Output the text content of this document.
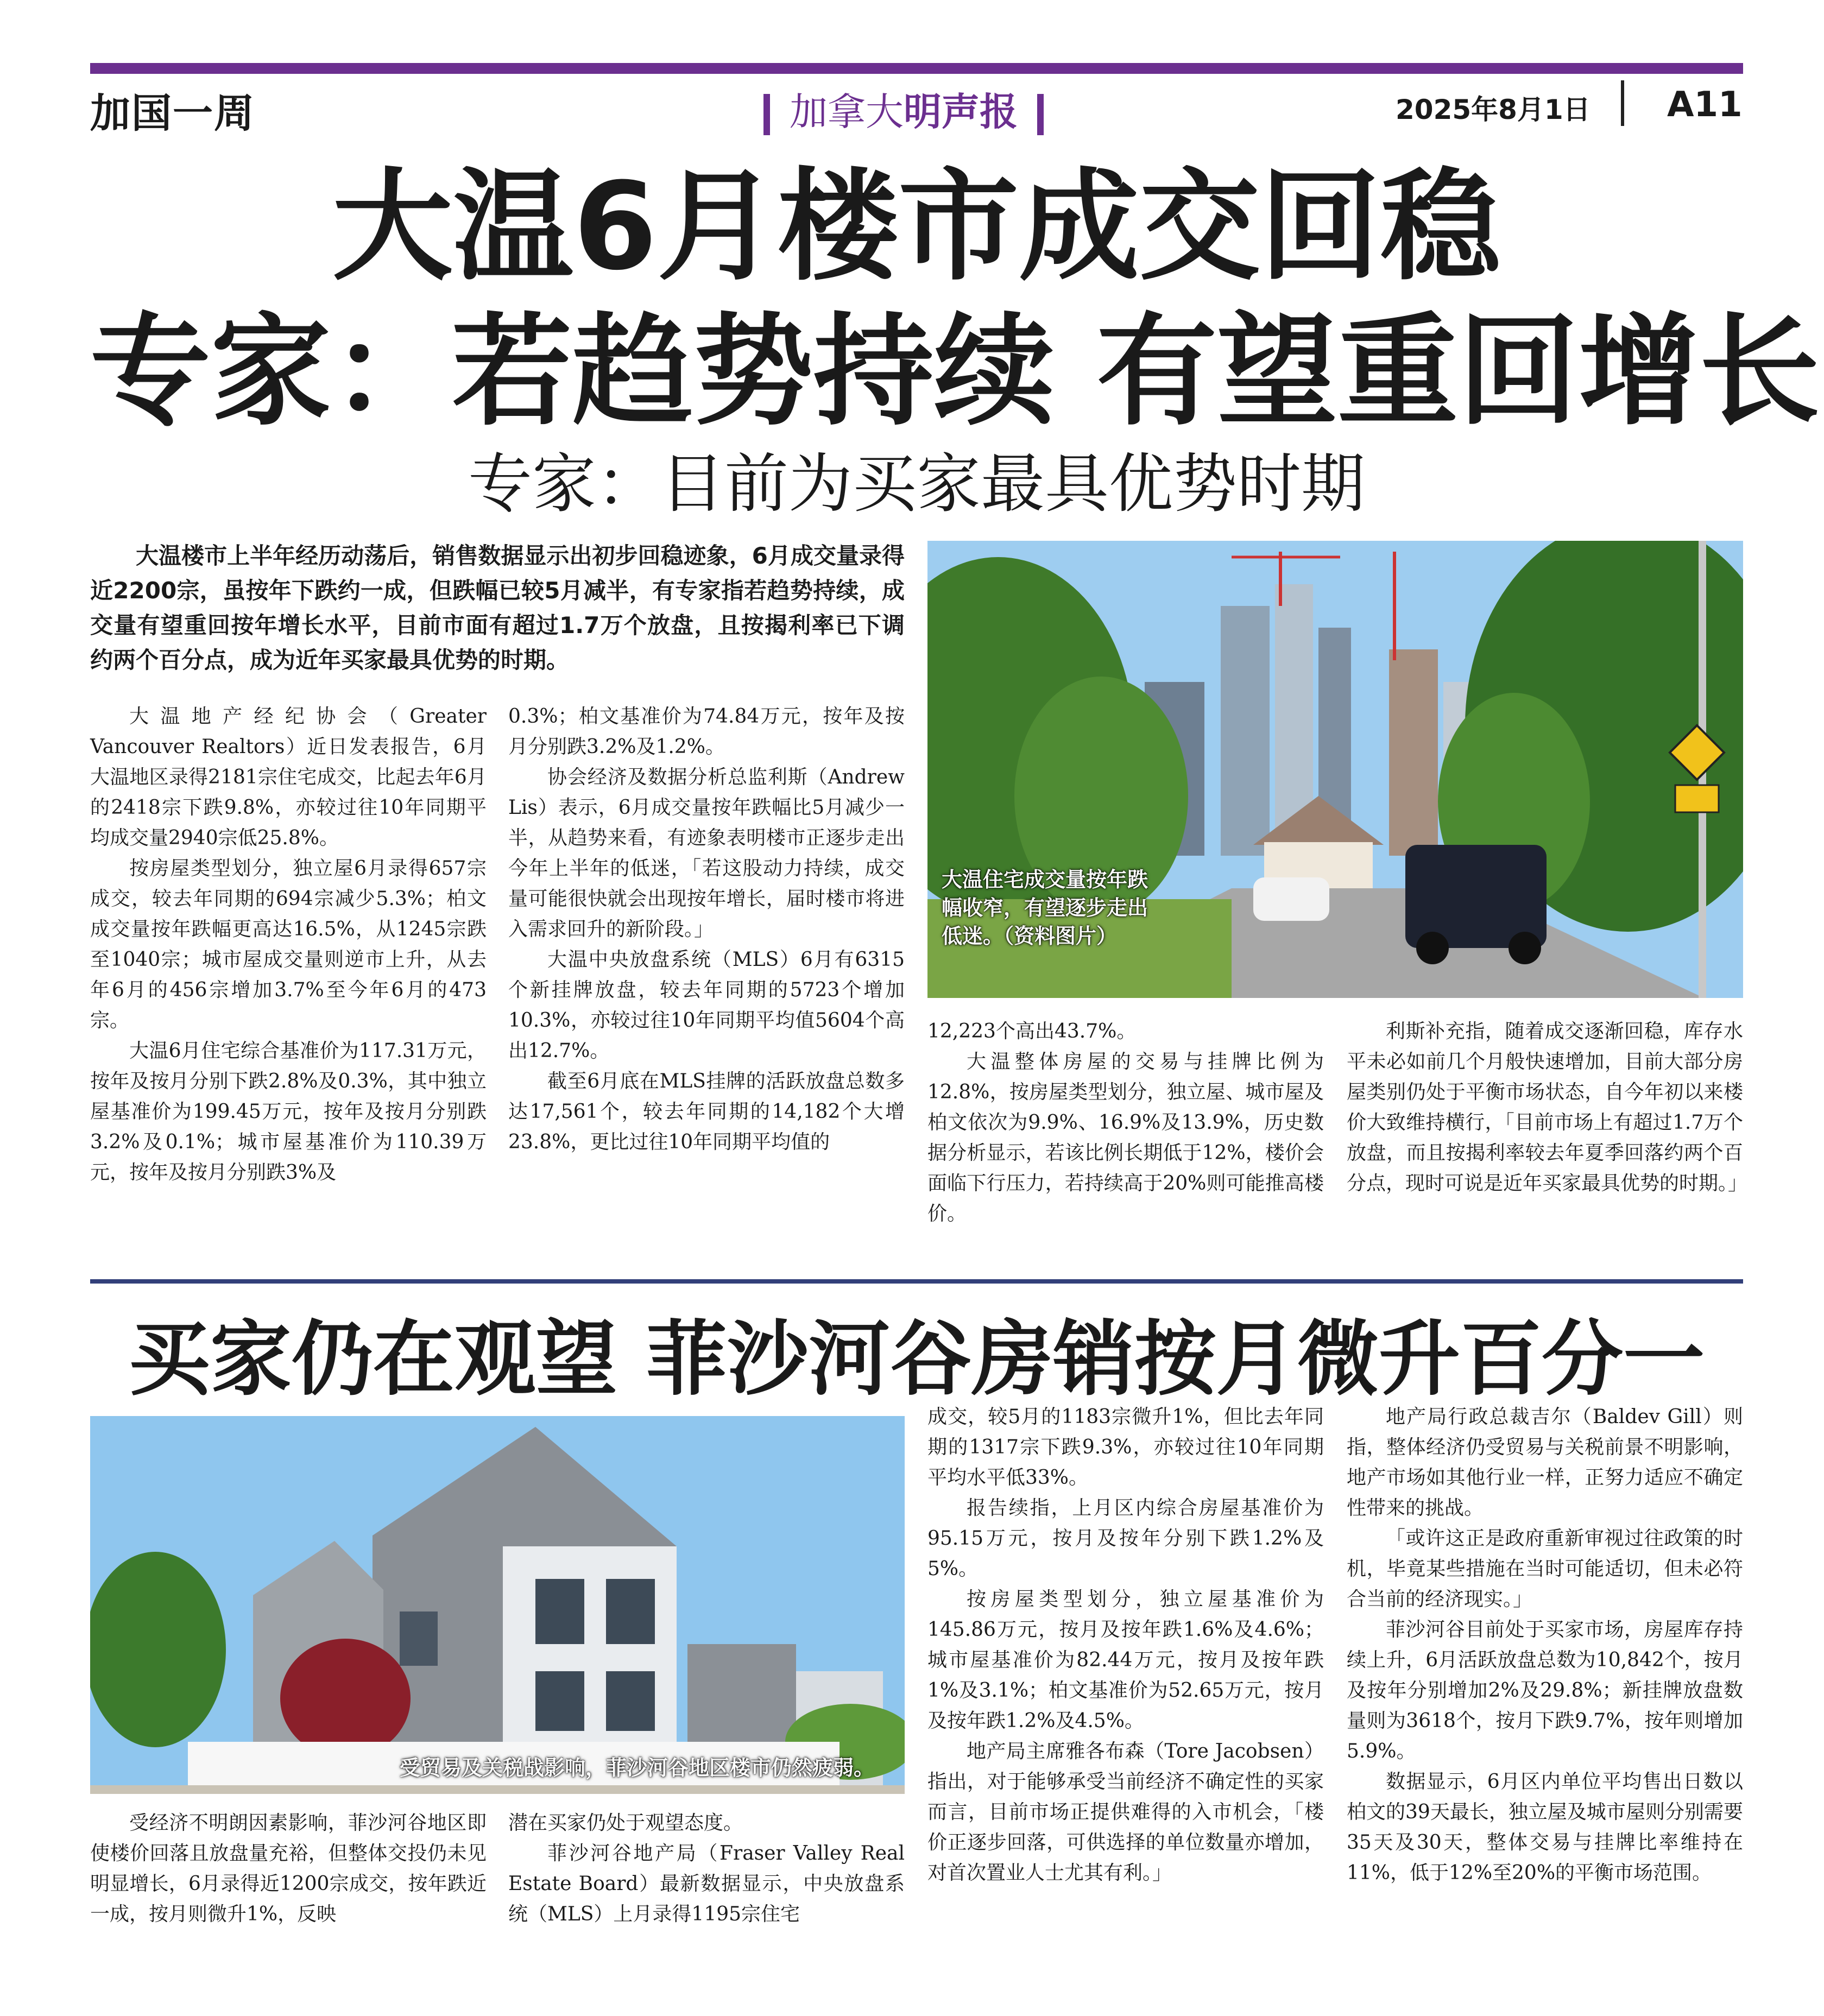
加国一周	加拿大明声报	2025年8月1日 A11
大温6月楼市成交回稳
专家：若趋势持续 有望重回增长
专家：目前为买家最具优势时期
大温楼市上半年经历动荡后，销售数据显示出初步回稳迹象，6月成交量录得近2200宗，虽按年下跌约一成，但跌幅已较5月减半，有专家指若趋势持续，成交量有望重回按年增长水平，目前市面有超过1.7万个放盘，且按揭利率已下调约两个百分点，成为近年买家最具优势的时期。

大温地产经纪协会（Greater Vancouver Realtors）近日发表报告，6月大温地区录得2181宗住宅成交，比起去年6月的2418宗下跌9.8%，亦较过往10年同期平均成交量2940宗低25.8%。

按房屋类型划分，独立屋6月录得657宗成交，较去年同期的694宗减少5.3%；柏文成交量按年跌幅更高达16.5%，从1245宗跌至1040宗；城市屋成交量则逆市上升，从去年6月的456宗增加3.7%至今年6月的473宗。

大温6月住宅综合基准价为117.31万元，按年及按月分别下跌2.8%及0.3%，其中独立屋基准价为199.45万元，按年及按月分别跌3.2%及0.1%；城市屋基准价为110.39万元，按年及按月分别跌3%及

0.3%；柏文基准价为74.84万元，按年及按月分别跌3.2%及1.2%。

协会经济及数据分析总监利斯（Andrew Lis）表示，6月成交量按年跌幅比5月减少一半，从趋势来看，有迹象表明楼市正逐步走出今年上半年的低迷，「若这股动力持续，成交量可能很快就会出现按年增长，届时楼市将进入需求回升的新阶段。」

大温中央放盘系统（MLS）6月有6315个新挂牌放盘，较去年同期的5723个增加10.3%，亦较过往10年同期平均值5604个高出12.7%。

截至6月底在MLS挂牌的活跃放盘总数多达17,561个，较去年同期的14,182个大增23.8%，更比过往10年同期平均值的

大温住宅成交量按年跌幅收窄，有望逐步走出低迷。（资料图片）

12,223个高出43.7%。

大温整体房屋的交易与挂牌比例为12.8%，按房屋类型划分，独立屋、城市屋及柏文依次为9.9%、16.9%及13.9%，历史数据分析显示，若该比例长期低于12%，楼价会面临下行压力，若持续高于20%则可能推高楼价。

利斯补充指，随着成交逐渐回稳，库存水平未必如前几个月般快速增加，目前大部分房屋类别仍处于平衡市场状态，自今年初以来楼价大致维持横行，「目前市场上有超过1.7万个放盘，而且按揭利率较去年夏季回落约两个百分点，现时可说是近年买家最具优势的时期。」

买家仍在观望 菲沙河谷房销按月微升百分一
受贸易及关税战影响，菲沙河谷地区楼市仍然疲弱。

受经济不明朗因素影响，菲沙河谷地区即使楼价回落且放盘量充裕，但整体交投仍未见明显增长，6月录得近1200宗成交，按年跌近一成，按月则微升1%，反映

潜在买家仍处于观望态度。

菲沙河谷地产局（Fraser Valley Real Estate Board）最新数据显示，中央放盘系统（MLS）上月录得1195宗住宅

成交，较5月的1183宗微升1%，但比去年同期的1317宗下跌9.3%，亦较过往10年同期平均水平低33%。

报告续指，上月区内综合房屋基准价为95.15万元，按月及按年分别下跌1.2%及5%。

按房屋类型划分，独立屋基准价为145.86万元，按月及按年跌1.6%及4.6%；城市屋基准价为82.44万元，按月及按年跌1%及3.1%；柏文基准价为52.65万元，按月及按年跌1.2%及4.5%。

地产局主席雅各布森（Tore Jacobsen）指出，对于能够承受当前经济不确定性的买家而言，目前市场正提供难得的入市机会，「楼价正逐步回落，可供选择的单位数量亦增加，对首次置业人士尤其有利。」

地产局行政总裁吉尔（Baldev Gill）则指，整体经济仍受贸易与关税前景不明影响，地产市场如其他行业一样，正努力适应不确定性带来的挑战。

「或许这正是政府重新审视过往政策的时机，毕竟某些措施在当时可能适切，但未必符合当前的经济现实。」

菲沙河谷目前处于买家市场，房屋库存持续上升，6月活跃放盘总数为10,842个，按月及按年分别增加2%及29.8%；新挂牌放盘数量则为3618个，按月下跌9.7%，按年则增加5.9%。

数据显示，6月区内单位平均售出日数以柏文的39天最长，独立屋及城市屋则分别需要35天及30天，整体交易与挂牌比率维持在11%，低于12%至20%的平衡市场范围。
